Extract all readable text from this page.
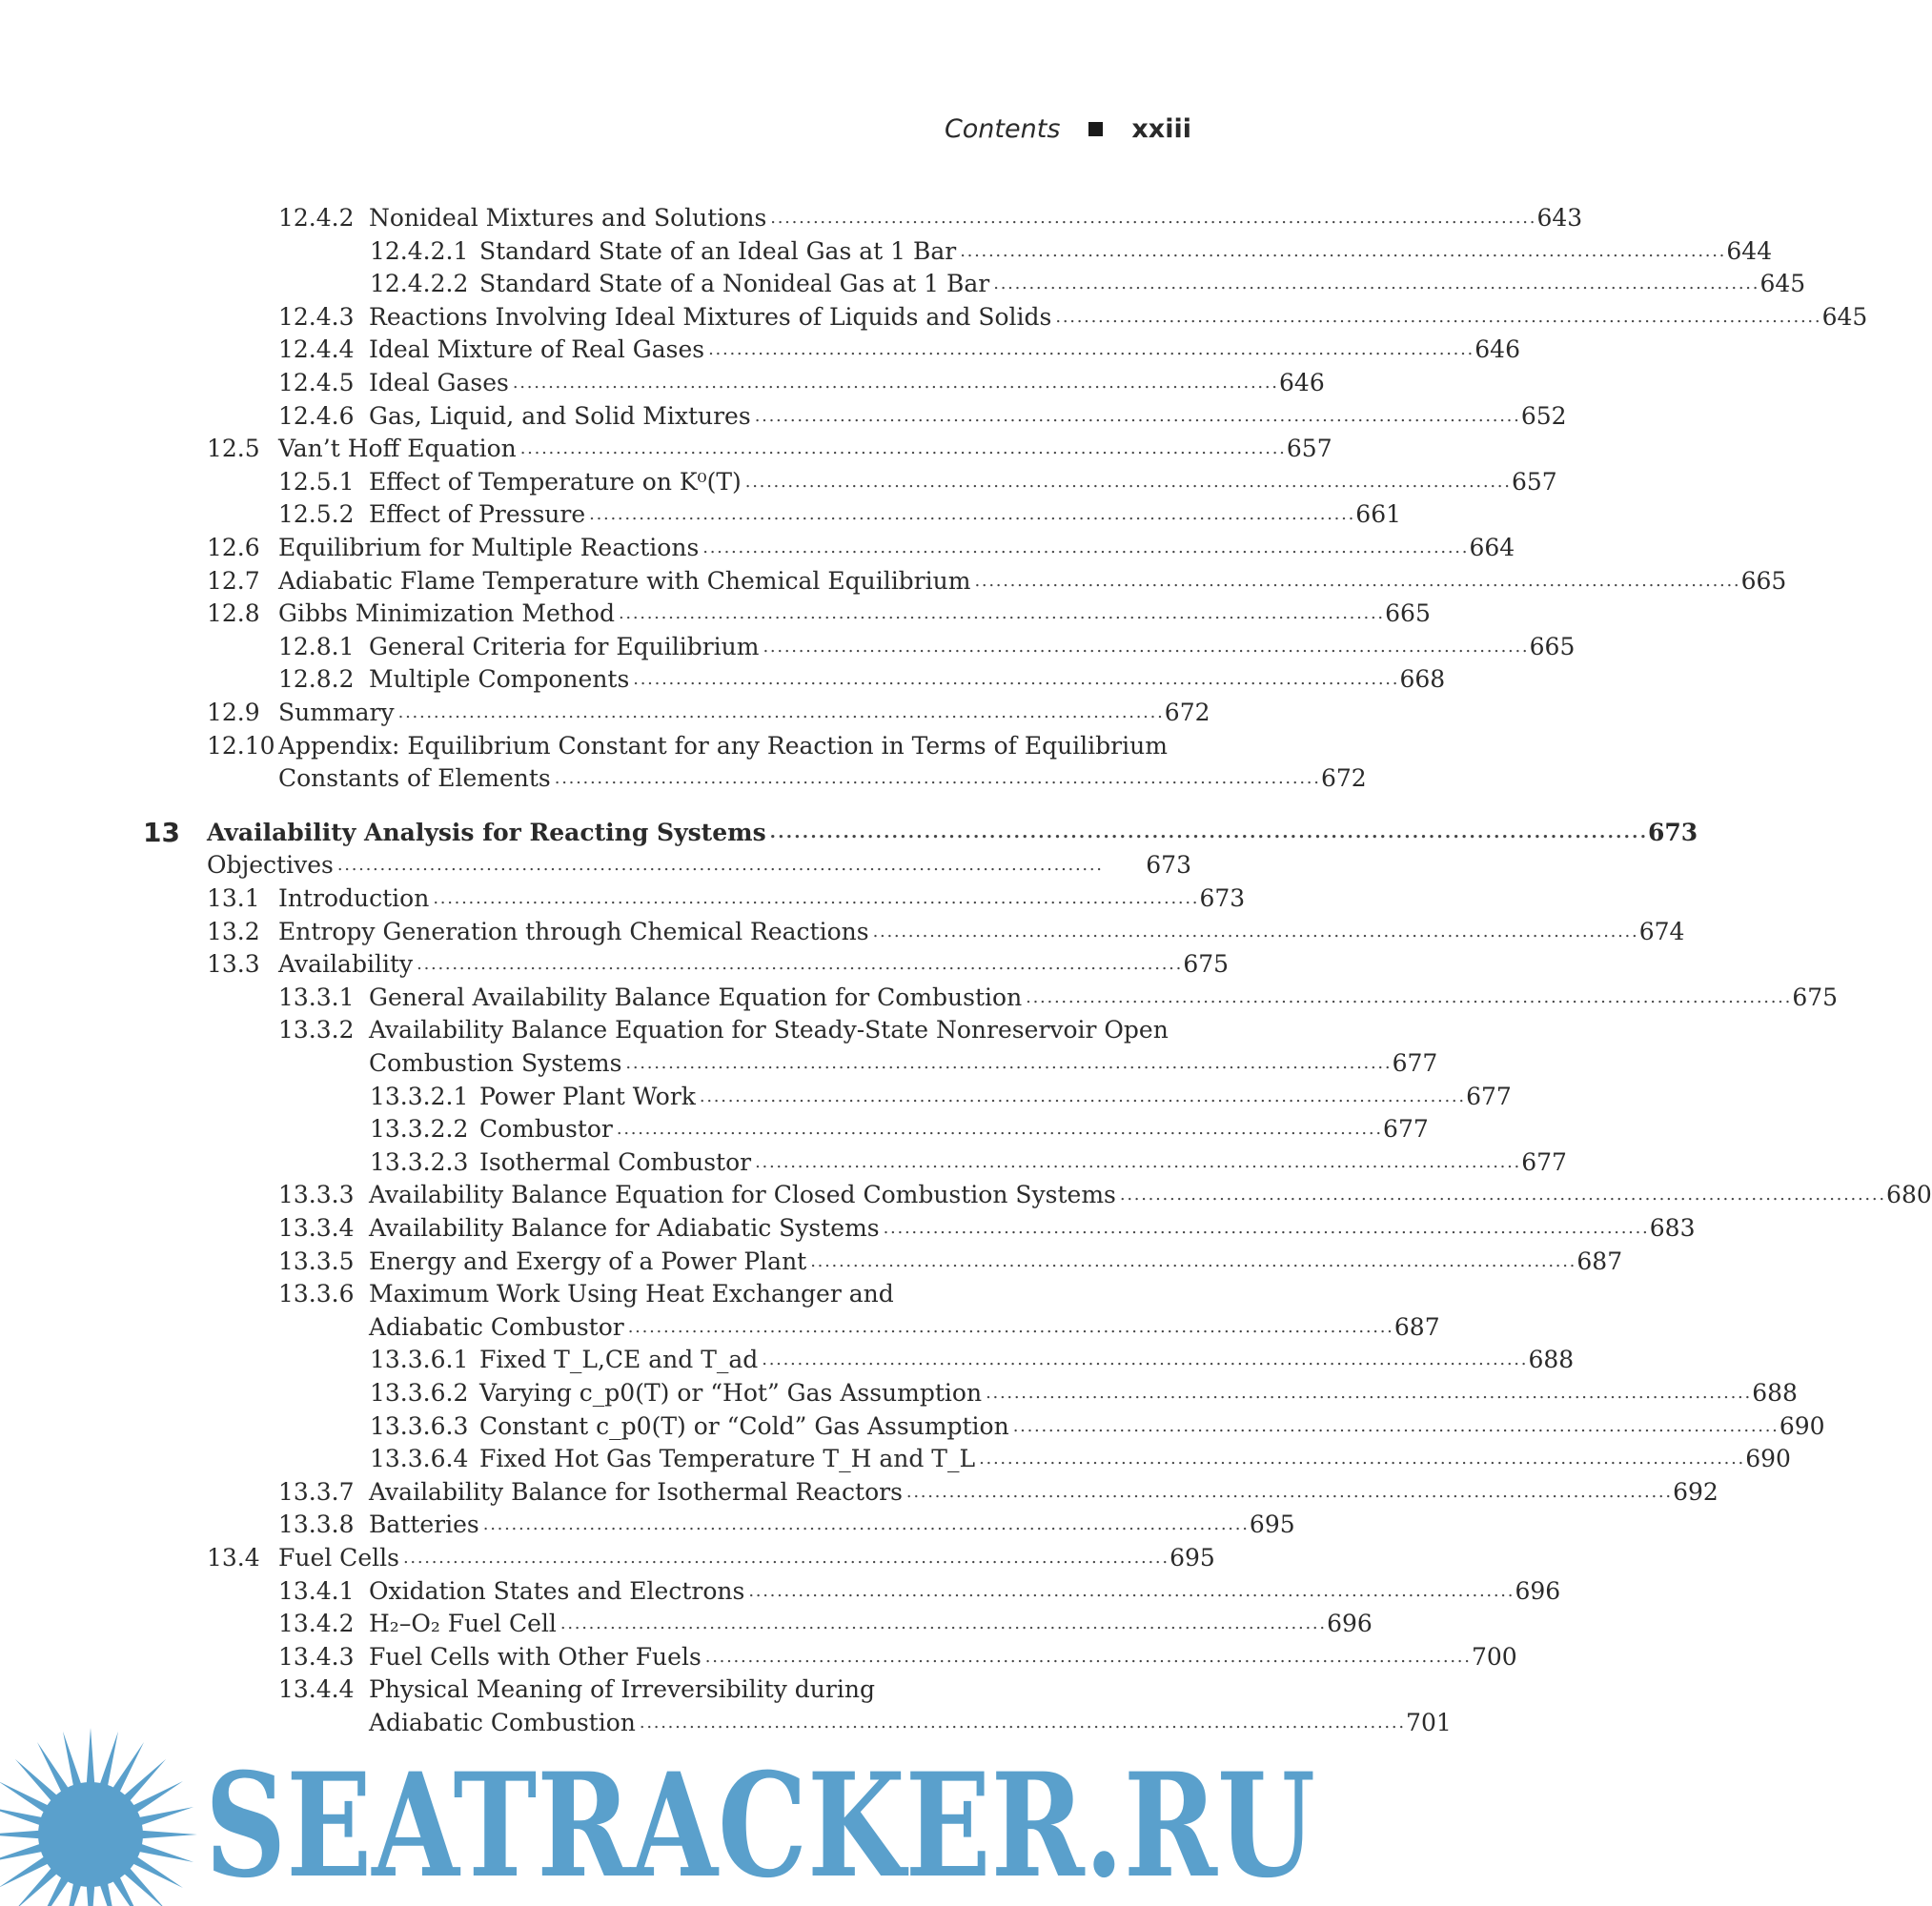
Contents	xxiii
12.4.2 Nonideal Mixtures and Solutions . . .	643
12.4.2.1 Standard State of an Ideal Gas at 1 Bar . . .	644
12.4.2.2 Standard State of a Nonideal Gas at 1 Bar . . .	645
12.4.3 Reactions Involving Ideal Mixtures of Liquids and Solids . . .	645
12.4.4 Ideal Mixture of Real Gases . . .	646
12.4.5 Ideal Gases . . .	646
12.4.6 Gas, Liquid, and Solid Mixtures . . .	652
12.5 Van’t Hoff Equation . . .	657
12.5.1 Effect of Temperature on K⁰(T) . . .	657
12.5.2 Effect of Pressure . . .	661
12.6 Equilibrium for Multiple Reactions . . .	664
12.7 Adiabatic Flame Temperature with Chemical Equilibrium . . .	665
12.8 Gibbs Minimization Method . . .	665
12.8.1 General Criteria for Equilibrium . . .	665
12.8.2 Multiple Components . . .	668
12.9 Summary . . .	672
12.10 Appendix: Equilibrium Constant for any Reaction in Terms of Equilibrium
Constants of Elements . . .	672
13 Availability Analysis for Reacting Systems . . .	673
Objectives . . .	673
13.1 Introduction . . .	673
13.2 Entropy Generation through Chemical Reactions . . .	674
13.3 Availability . . .	675
13.3.1 General Availability Balance Equation for Combustion . . .	675
13.3.2 Availability Balance Equation for Steady-State Nonreservoir Open
Combustion Systems . . .	677
13.3.2.1 Power Plant Work . . .	677
13.3.2.2 Combustor . . .	677
13.3.2.3 Isothermal Combustor . . .	677
13.3.3 Availability Balance Equation for Closed Combustion Systems . . .	680
13.3.4 Availability Balance for Adiabatic Systems . . .	683
13.3.5 Energy and Exergy of a Power Plant . . .	687
13.3.6 Maximum Work Using Heat Exchanger and
Adiabatic Combustor . . .	687
13.3.6.1 Fixed T_L,CE and T_ad . . .	688
13.3.6.2 Varying c_p0(T) or “Hot” Gas Assumption . . .	688
13.3.6.3 Constant c_p0(T) or “Cold” Gas Assumption . . .	690
13.3.6.4 Fixed Hot Gas Temperature T_H and T_L . . .	690
13.3.7 Availability Balance for Isothermal Reactors . . .	692
13.3.8 Batteries . . .	695
13.4 Fuel Cells . . .	695
13.4.1 Oxidation States and Electrons . . .	696
13.4.2 H₂–O₂ Fuel Cell . . .	696
13.4.3 Fuel Cells with Other Fuels . . .	700
13.4.4 Physical Meaning of Irreversibility during
Adiabatic Combustion . . .	701
SEATRACKER.RU
